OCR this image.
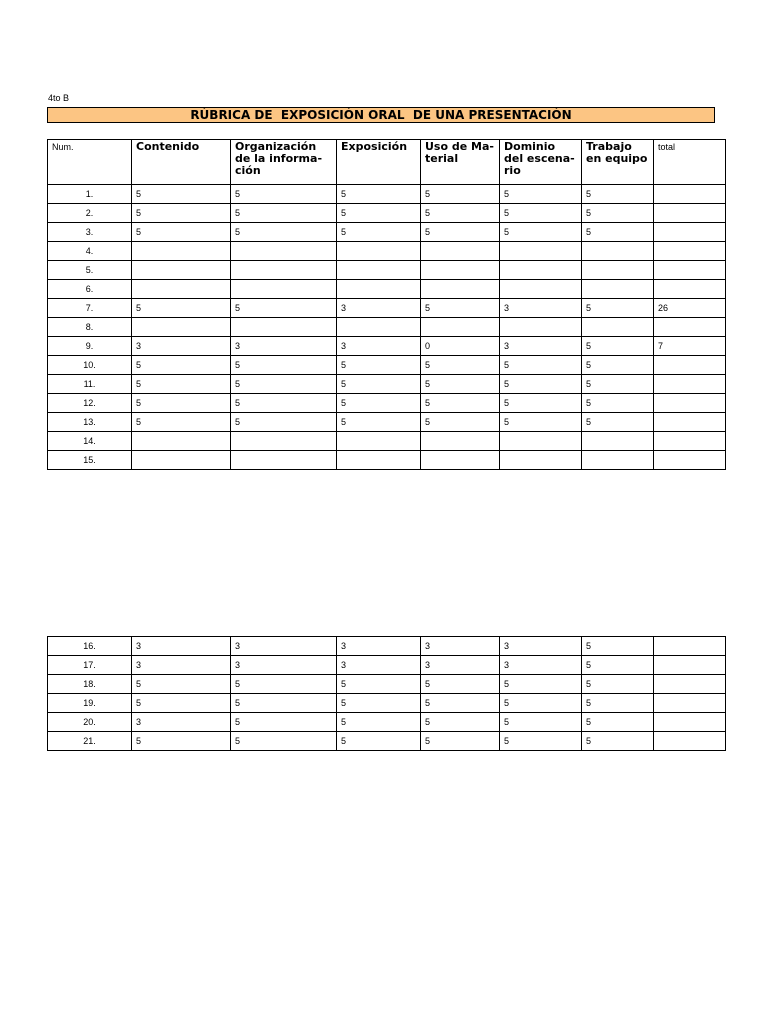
4to B
RÚBRICA DE  EXPOSICIÓN ORAL  DE UNA PRESENTACIÓN
Num.	Contenido	Organización
de la informa-
ción	Exposición	Uso de Ma-
terial	Dominio
del escena-
rio	Trabajo
en equipo	total

1.	5	5	5	5	5	5	
2.	5	5	5	5	5	5	
3.	5	5	5	5	5	5	
4.							
5.							
6.							
7.	5	5	3	5	3	5	26
8.							
9.	3	3	3	0	3	5	7
10.	5	5	5	5	5	5	
11.	5	5	5	5	5	5	
12.	5	5	5	5	5	5	
13.	5	5	5	5	5	5	
14.							
15.							
16.	3	3	3	3	3	5	
17.	3	3	3	3	3	5	
18.	5	5	5	5	5	5	
19.	5	5	5	5	5	5	
20.	3	5	5	5	5	5	
21.	5	5	5	5	5	5	
